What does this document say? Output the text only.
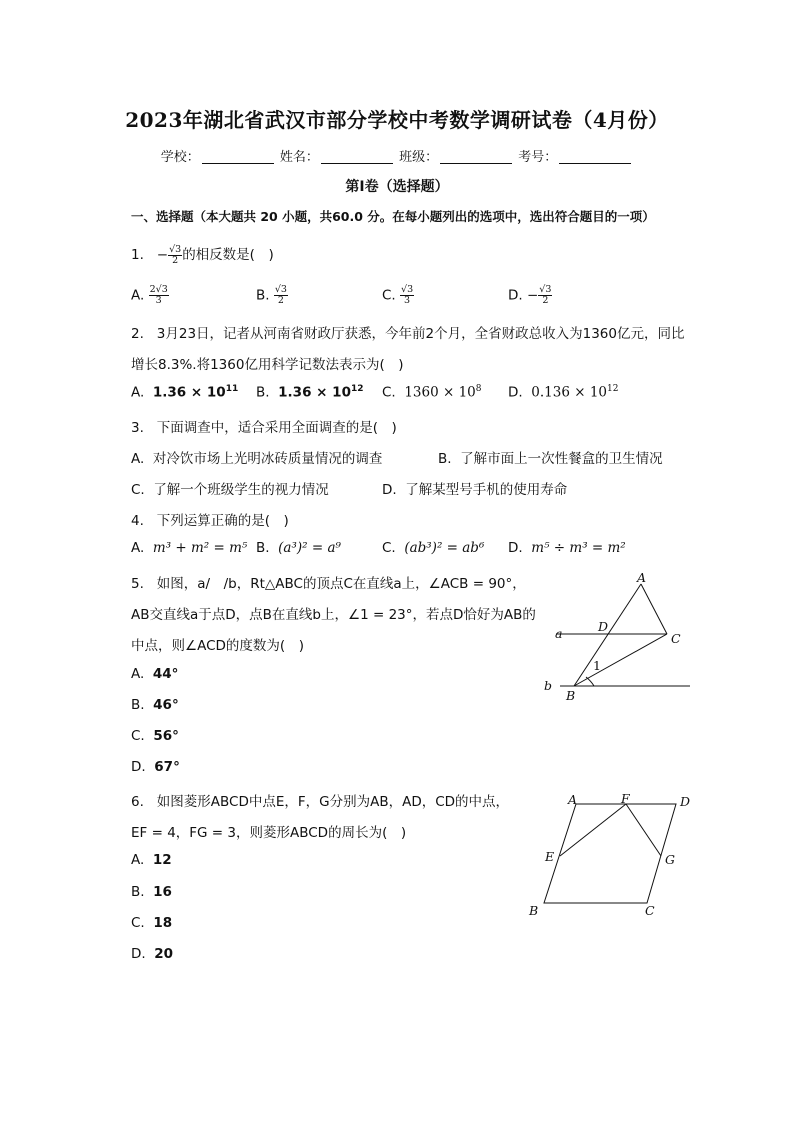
2023年湖北省武汉市部分学校中考数学调研试卷（4月份）
学校：	姓名：	班级：	考号：
第I卷（选择题）
一、选择题（本大题共 20 小题，共60.0 分。在每小题列出的选项中，选出符合题目的一项）
1. − $\frac{√3}{2}$ 的相反数是(　)
A. $\frac{2√3}{3}$	B. $\frac{√3}{2}$	C. $\frac{√3}{3}$	D. − $\frac{√3}{2}$
2. 3月23日，记者从河南省财政厅获悉，今年前2个月，全省财政总收入为1360亿元，同比
增长8.3%.将1360亿用科学记数法表示为(　)
A. $1.36 \times 10^{11}$ B. $1.36 \times 10^{12}$ C. $1360 \times 10^8$ D. $0.136 \times 10^{12}$
3. 下面调查中，适合采用全面调查的是(　)
A. 对冷饮市场上光明冰砖质量情况的调查	B. 了解市面上一次性餐盒的卫生情况
C. 了解一个班级学生的视力情况	D. 了解某型号手机的使用寿命
4. 下列运算正确的是(　)
A. m³ + m² = m⁵ B. (a³)² = a⁹	C. (ab³)² = ab⁶ D. m⁵ ÷ m³ = m²
5. 如图，a/　/b，Rt△ABC的顶点C在直线a上，∠ACB = 90°，
AB交直线a于点D，点B在直线b上，∠1 = 23°，若点D恰好为AB的
中点，则∠ACD的度数为(　)
A. 44°
B. 46°
C. 56°
D. 67°
A
D
C
B
a
b
1
6. 如图菱形ABCD中点E，F，G分别为AB，AD，CD的中点，
EF = 4，FG = 3，则菱形ABCD的周长为(　)
A. 12
B. 16
C. 18
D. 20
A	F	D
E	G
B	C
